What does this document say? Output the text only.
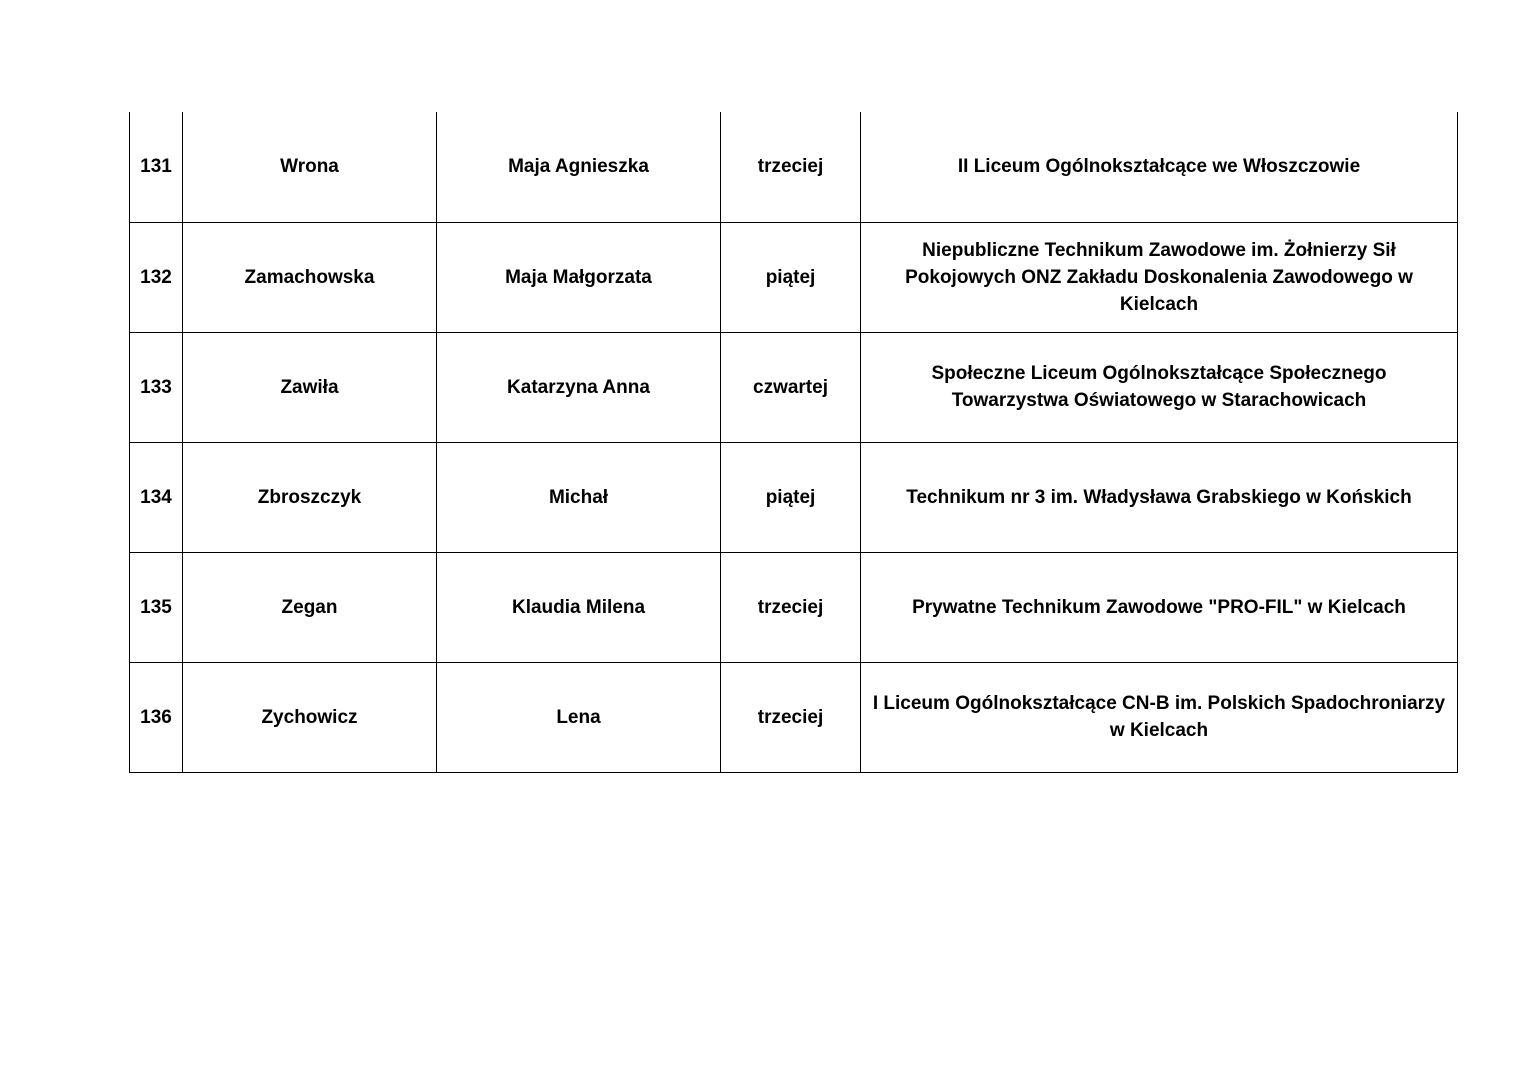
131	Wrona	Maja Agnieszka	trzeciej	II Liceum Ogólnokształcące we Włoszczowie
132	Zamachowska	Maja Małgorzata	piątej	Niepubliczne Technikum Zawodowe im. Żołnierzy Sił Pokojowych ONZ Zakładu Doskonalenia Zawodowego w Kielcach
133	Zawiła	Katarzyna Anna	czwartej	Społeczne Liceum Ogólnokształcące Społecznego Towarzystwa Oświatowego w Starachowicach
134	Zbroszczyk	Michał	piątej	Technikum nr 3 im. Władysława Grabskiego w Końskich
135	Zegan	Klaudia Milena	trzeciej	Prywatne Technikum Zawodowe "PRO-FIL" w Kielcach
136	Zychowicz	Lena	trzeciej	I Liceum Ogólnokształcące CN-B im. Polskich Spadochroniarzy w Kielcach
